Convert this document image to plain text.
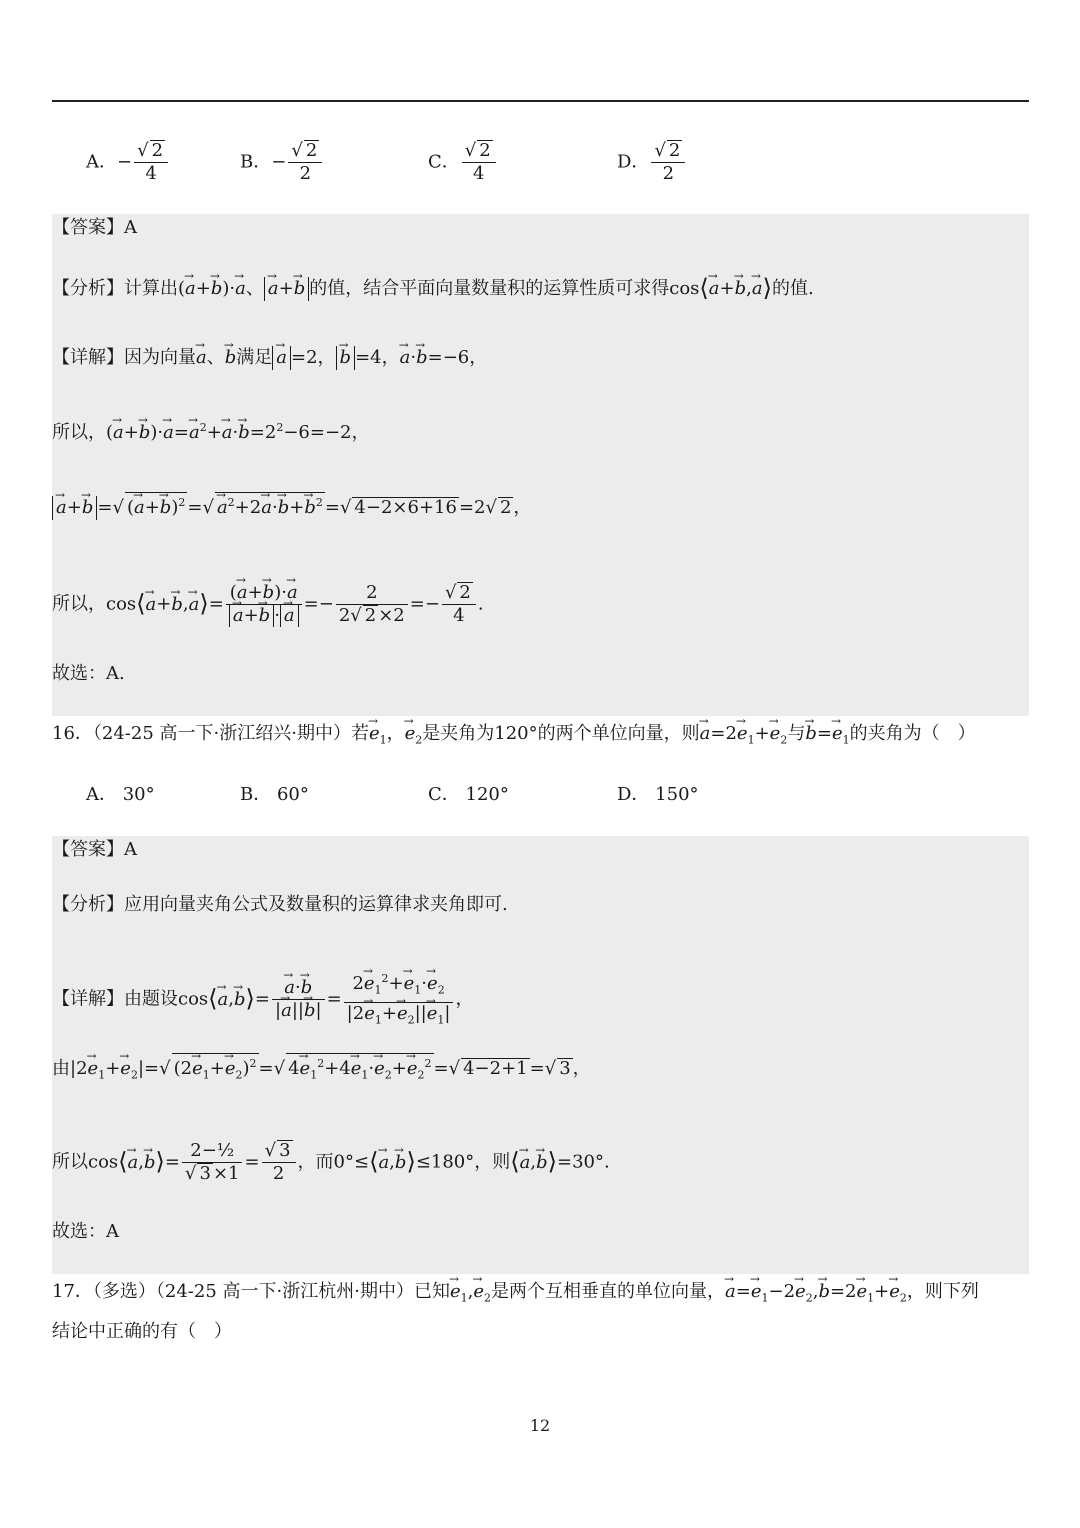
A．−
√ $\frac{2}{4}$	B．−
√ $\frac{2}{2}$	C．
√ $\frac{2}{4}$	D．
√ $\frac{2}{2}$
【答案】A
【分析】计算出(→ a+→ b)·→ a、→ a+→ b 的值，结合平面向量数量积的运算性质可求得cos⟨→ a+→ b,→ a⟩的值.
【详解】因为向量→ a、→ b满足→ a =2，→ b =4，→ a·→ b=−6，
所以，(→ $a+\to b)\cdot\to a=\to a^2+\to a\cdot\to b=2^2-6=-2$，
→ a+→ b =√ (→ a+→ b)$^2$ =√ → $a^2+2\to a\cdot\to b+\to b^2$ =√ 4−2×6+16 =2√ 2 ，
所以，cos⟨→ a+→ b,→ a⟩= (→ a+→ b)·→ a
→ $a+\to b \cdot\to a =- \frac{2}{2√ 2 \times 2}$ =−
√ $\frac{2}{4}$ .
故选：A.
16．（24-25 高一下·浙江绍兴·期中）若→ $e_1$，→ $e_2$是夹角为120°的两个单位向量，则→ $a=2\to e_1+\to e_2$与→ $b=\to e_1$的夹角为（　）
A． 30°	B． 60°	C． 120°	D． 150°
【答案】A
【分析】应用向量夹角公式及数量积的运算律求夹角即可.
【详解】由题设cos⟨→ a,→ b⟩=
→ $\frac{a\cdot\to b}{|\to a||\to b|} = \frac{2\to e_1^2+\to e_1\cdot\to e_2}{|2\to e_1+\to e_2||\to e_1|}$ ，
由$|2\to e_1+\to e_2|=√$ $(2\to e_1+\to e_2)^2$ =√ $4\to e_1^2+4\to e_1\cdot\to e_2+\to e_2^2$ =√ 4−2+1 =√ 3 ，
所以cos⟨→ a,→ b⟩= 2−½
√ 3 ×1 =
√ $\frac{3}{2}$ ，而0°≤⟨→ a,→ b⟩≤180°，则⟨→ a,→ b⟩=30°.
故选：A
17．（多选）（24-25 高一下·浙江杭州·期中）已知→ $e_1,\to e_2$是两个互相垂直的单位向量，→ $a=\to e_1-2\to e_2,\to b=2\to e_1+\to e_2$，则下列
结论中正确的有（　）
12
